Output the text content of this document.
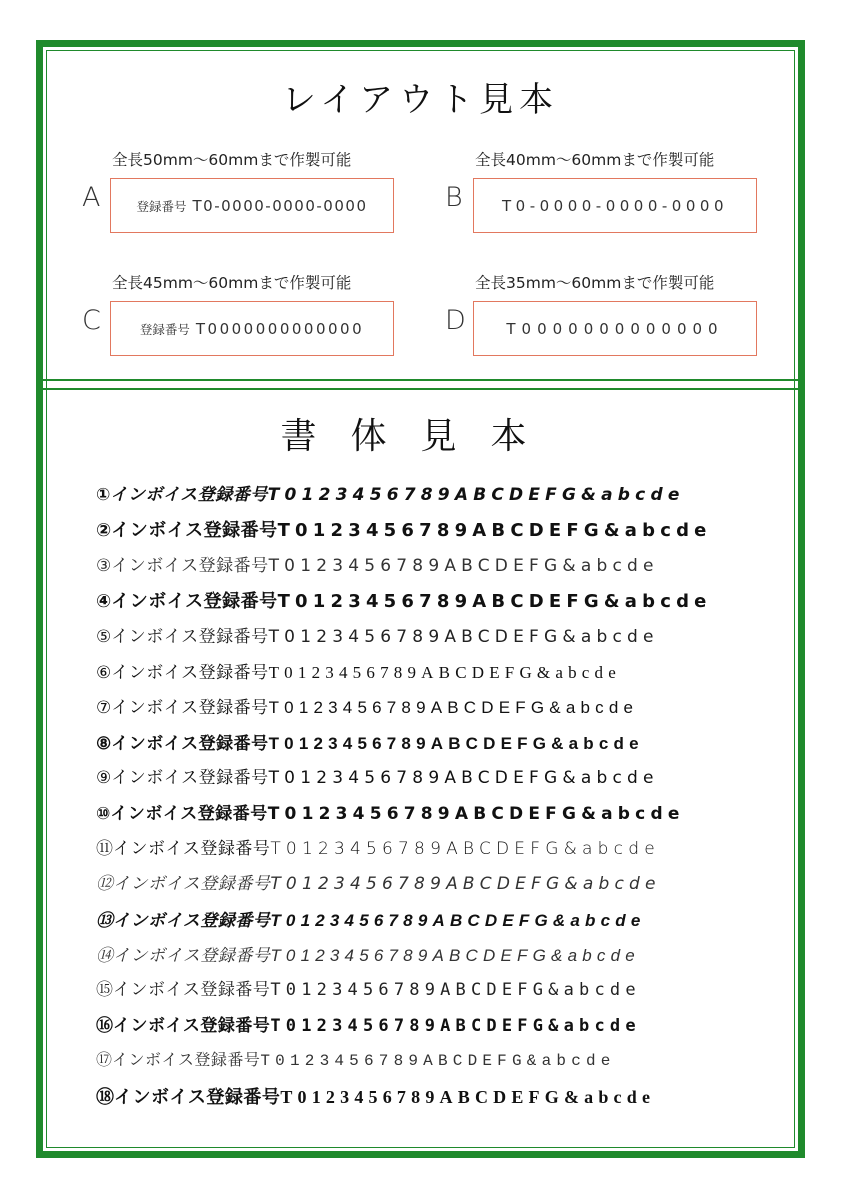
レイアウト見本
全長50mm～60mmまで作製可能
A	登録番号 T0-0000-0000-0000
全長40mm～60mmまで作製可能
B	T0-0000-0000-0000
全長45mm～60mmまで作製可能
C	登録番号 T0000000000000
全長35mm～60mmまで作製可能
D	T0000000000000
書体見本
①インボイス登録番号T0123456789ABCDEFG&abcde
②インボイス登録番号T0123456789ABCDEFG&abcde
③インボイス登録番号T0123456789ABCDEFG&abcde
④インボイス登録番号T0123456789ABCDEFG&abcde
⑤インボイス登録番号T0123456789ABCDEFG&abcde
⑥インボイス登録番号T0123456789ABCDEFG&abcde
⑦インボイス登録番号T0123456789ABCDEFG&abcde
⑧インボイス登録番号T0123456789ABCDEFG&abcde
⑨インボイス登録番号T0123456789ABCDEFG&abcde
⑩インボイス登録番号T0123456789ABCDEFG&abcde
⑪インボイス登録番号T0123456789ABCDEFG&abcde
⑫インボイス登録番号T0123456789ABCDEFG&abcde
⑬インボイス登録番号T0123456789ABCDEFG&abcde
⑭インボイス登録番号T0123456789ABCDEFG&abcde
⑮インボイス登録番号T0123456789ABCDEFG&abcde
⑯インボイス登録番号T0123456789ABCDEFG&abcde
⑰インボイス登録番号T0123456789ABCDEFG&abcde
⑱インボイス登録番号T0123456789ABCDEFG&abcde
